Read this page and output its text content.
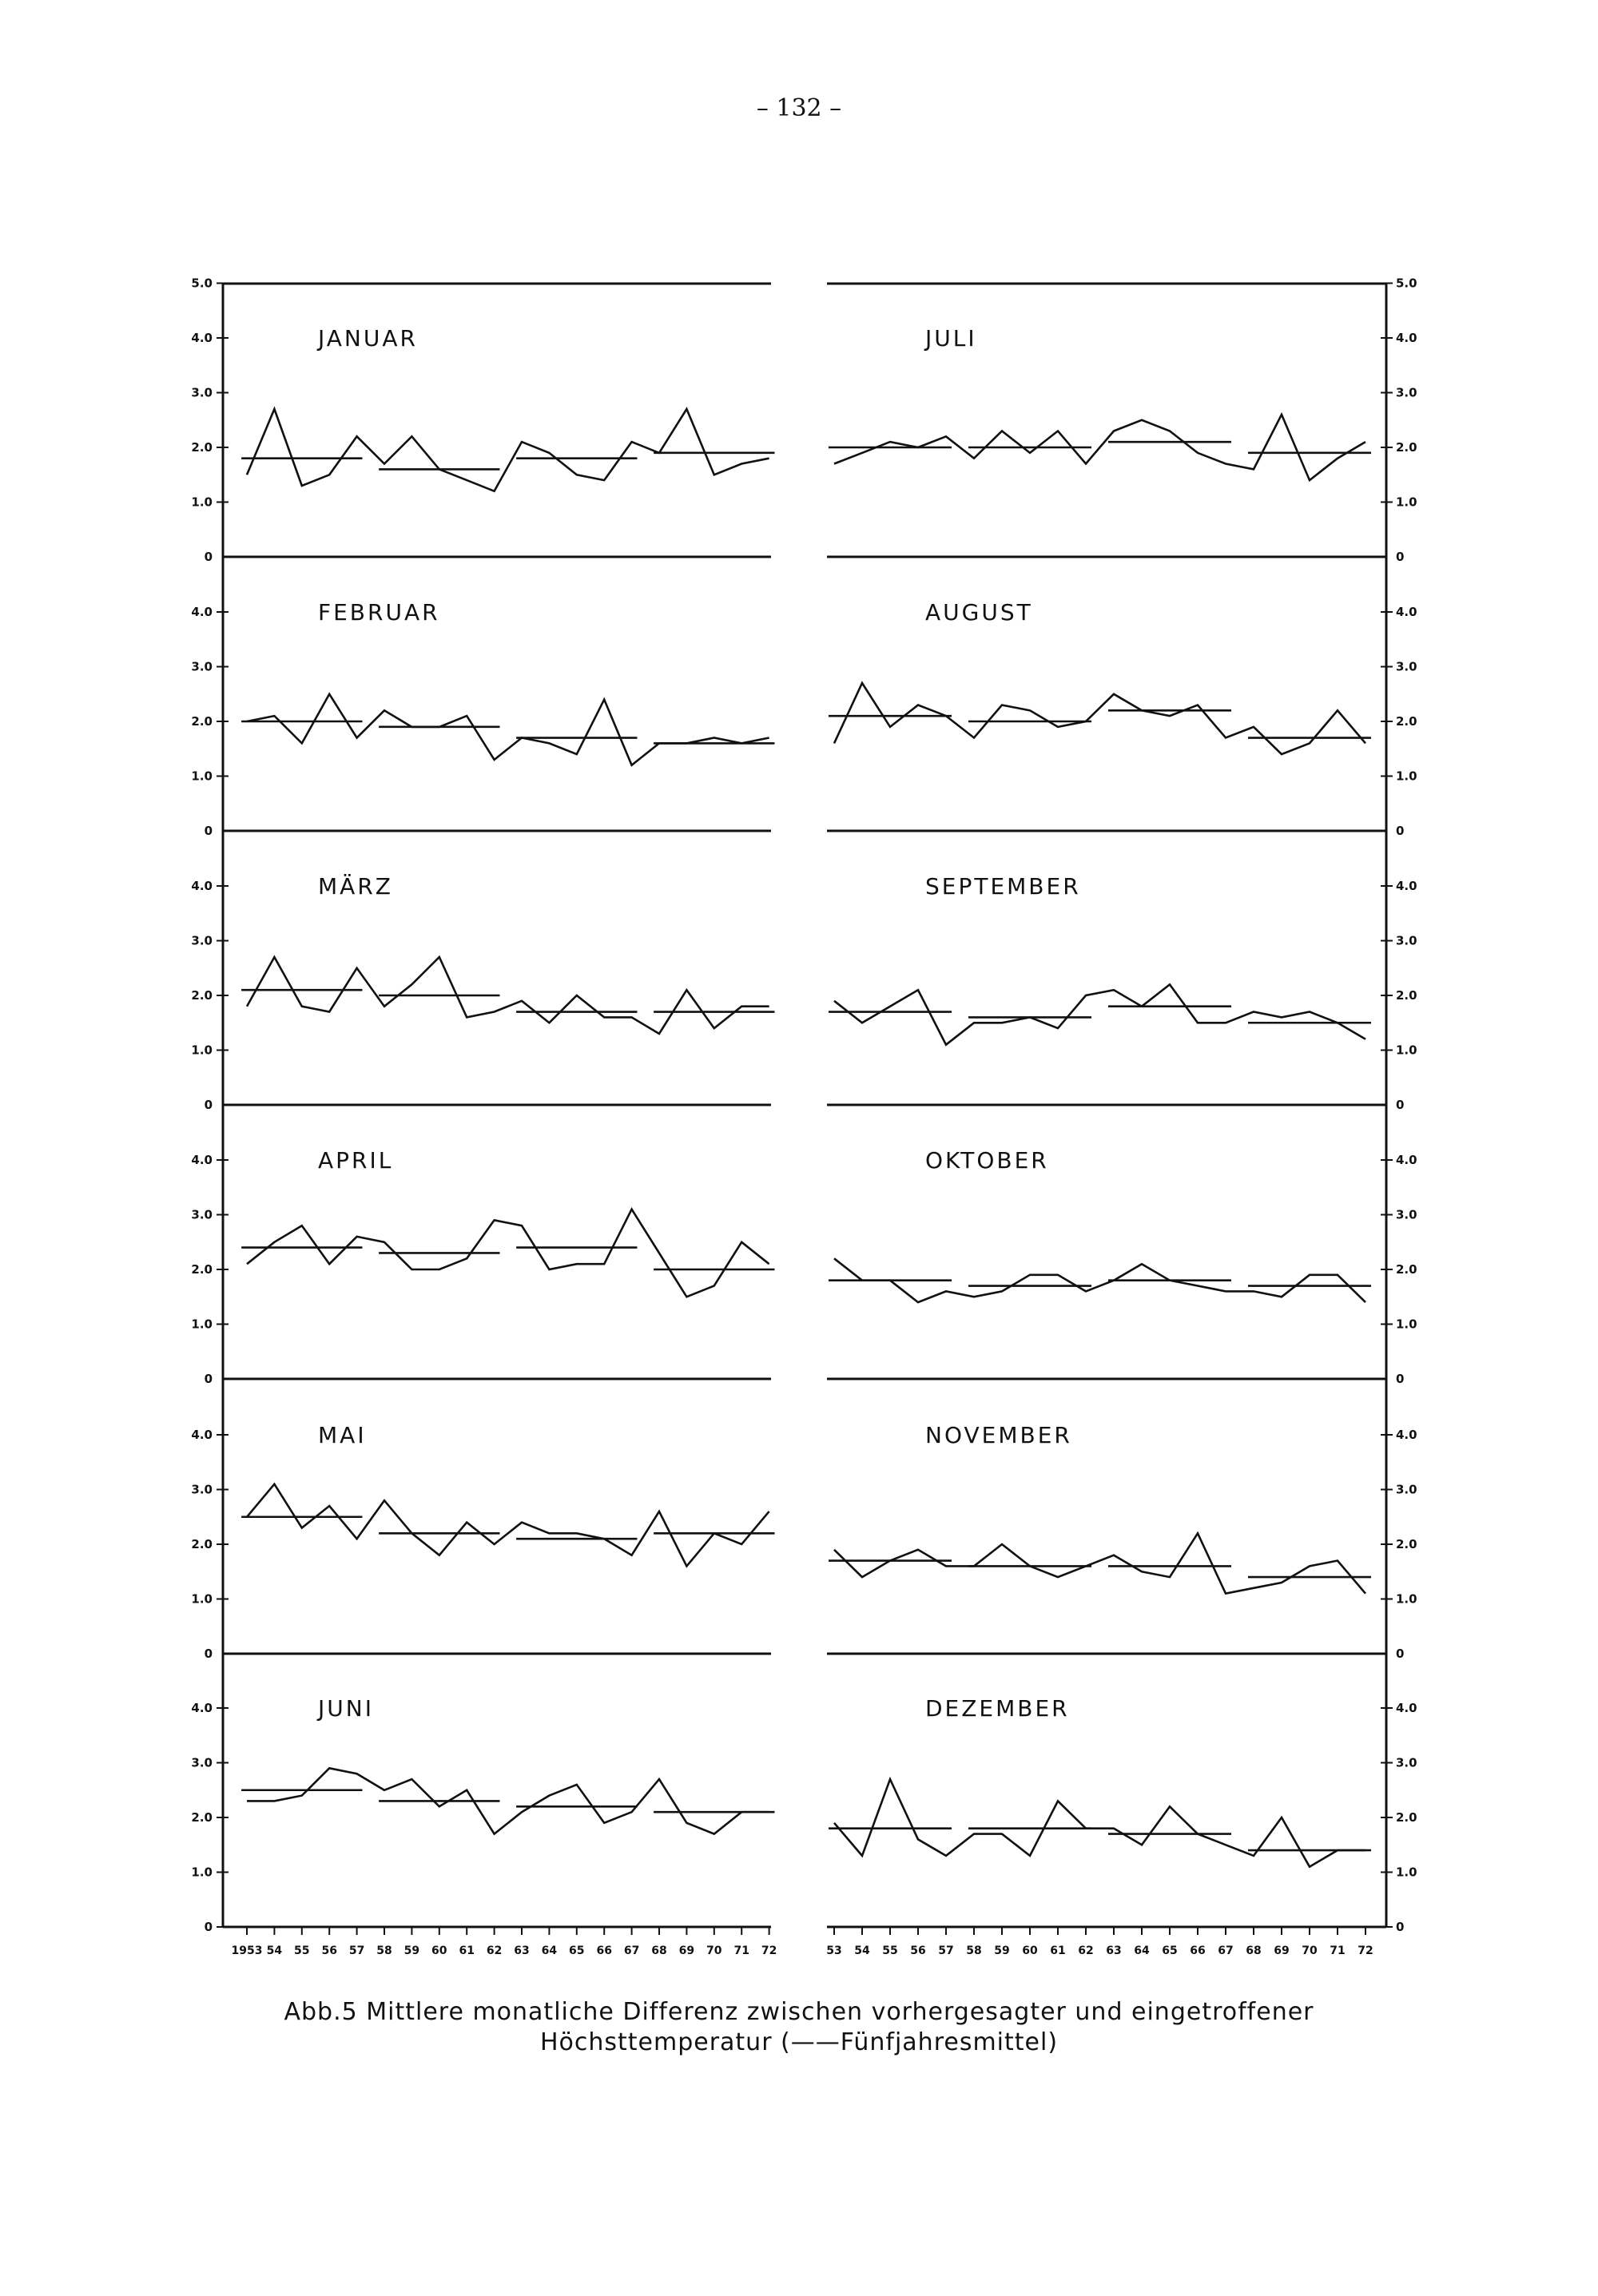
– 132 –
0	0
1.0	1.0
2.0	2.0
3.0	3.0
4.0	4.0
5.0	5.0
JANUAR	JULI
0	0
1.0	1.0
2.0	2.0
3.0	3.0
4.0	4.0
FEBRUAR	AUGUST
0	0
1.0	1.0
2.0	2.0
3.0	3.0
4.0	4.0
MÄRZ	SEPTEMBER
0	0
1.0	1.0
2.0	2.0
3.0	3.0
4.0	4.0
APRIL	OKTOBER
0	0
1.0	1.0
2.0	2.0
3.0	3.0
4.0	4.0
MAI	NOVEMBER
0	0
1.0	1.0
2.0	2.0
3.0	3.0
4.0	4.0
JUNI	DEZEMBER
1953	53
54	54
55	55
56	56
57	57
58	58
59	59
60	60
61	61
62	62
63	63
64	64
65	65
66	66
67	67
68	68
69	69
70	70
71	71
72	72
Abb.5 Mittlere monatliche Differenz zwischen vorhergesagter und eingetroffener
Höchsttemperatur (——Fünfjahresmittel)
